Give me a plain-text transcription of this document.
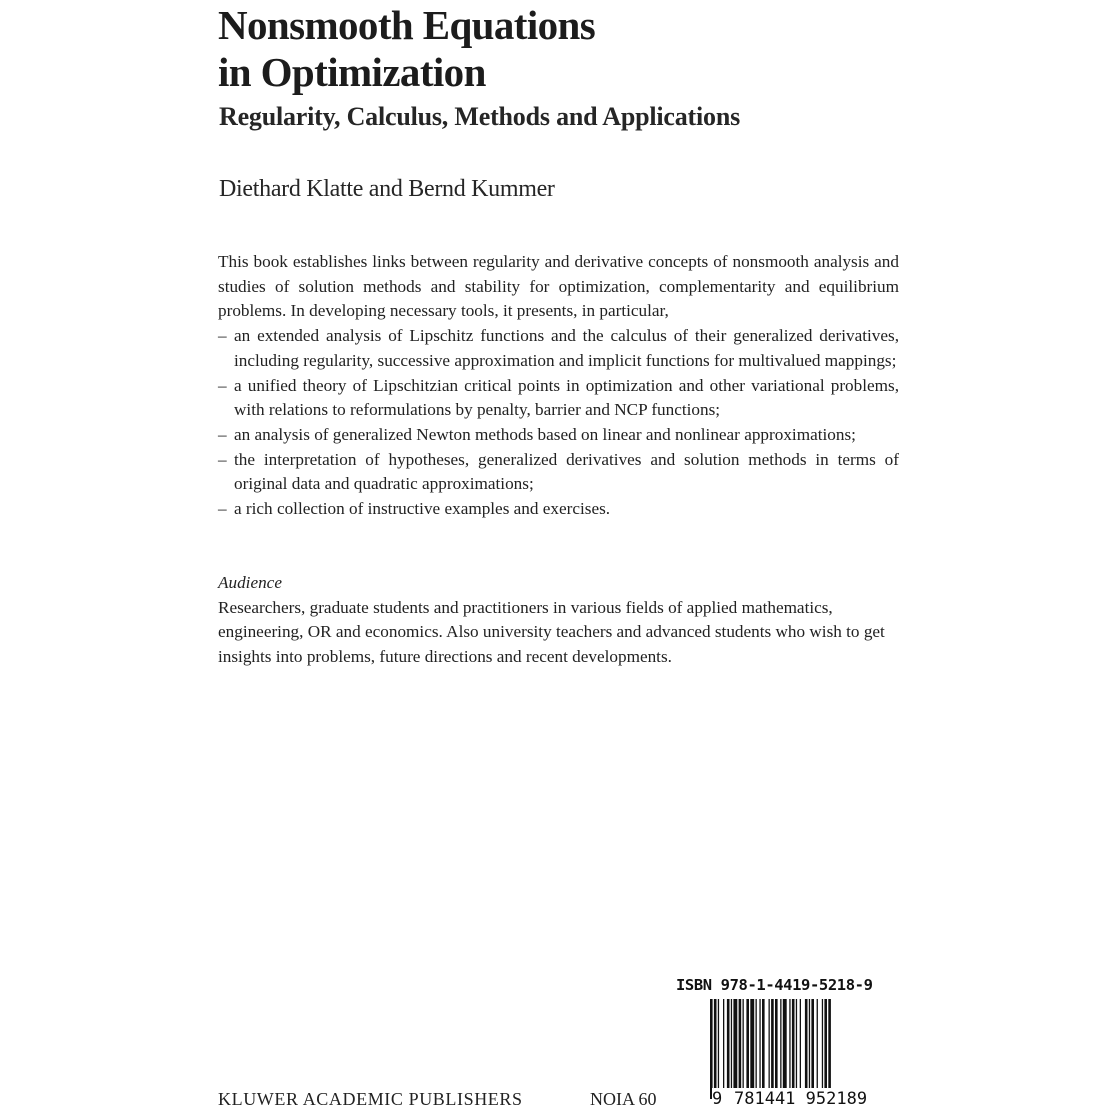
Nonsmooth Equations
in Optimization
Regularity, Calculus, Methods and Applications
Diethard Klatte and Bernd Kummer

This book establishes links between regularity and derivative concepts of nonsmooth analysis and studies of solution methods and stability for optimization, complementarity and equilibrium problems. In developing necessary tools, it presents, in particular,

– an extended analysis of Lipschitz functions and the calculus of their generalized derivatives, including regularity, successive approximation and implicit functions for multivalued mappings;
– a unified theory of Lipschitzian critical points in optimization and other variational problems, with relations to reformulations by penalty, barrier and NCP functions;
– an analysis of generalized Newton methods based on linear and nonlinear approximations;
– the interpretation of hypotheses, generalized derivatives and solution methods in terms of original data and quadratic approximations;
– a rich collection of instructive examples and exercises.
Audience

Researchers, graduate students and practitioners in various fields of applied mathematics, engineering, OR and economics. Also university teachers and advanced students who wish to get insights into problems, future directions and recent developments.

ISBN 978-1-4419-5218-9
9 781441 952189
KLUWER ACADEMIC PUBLISHERS	NOIA 60
